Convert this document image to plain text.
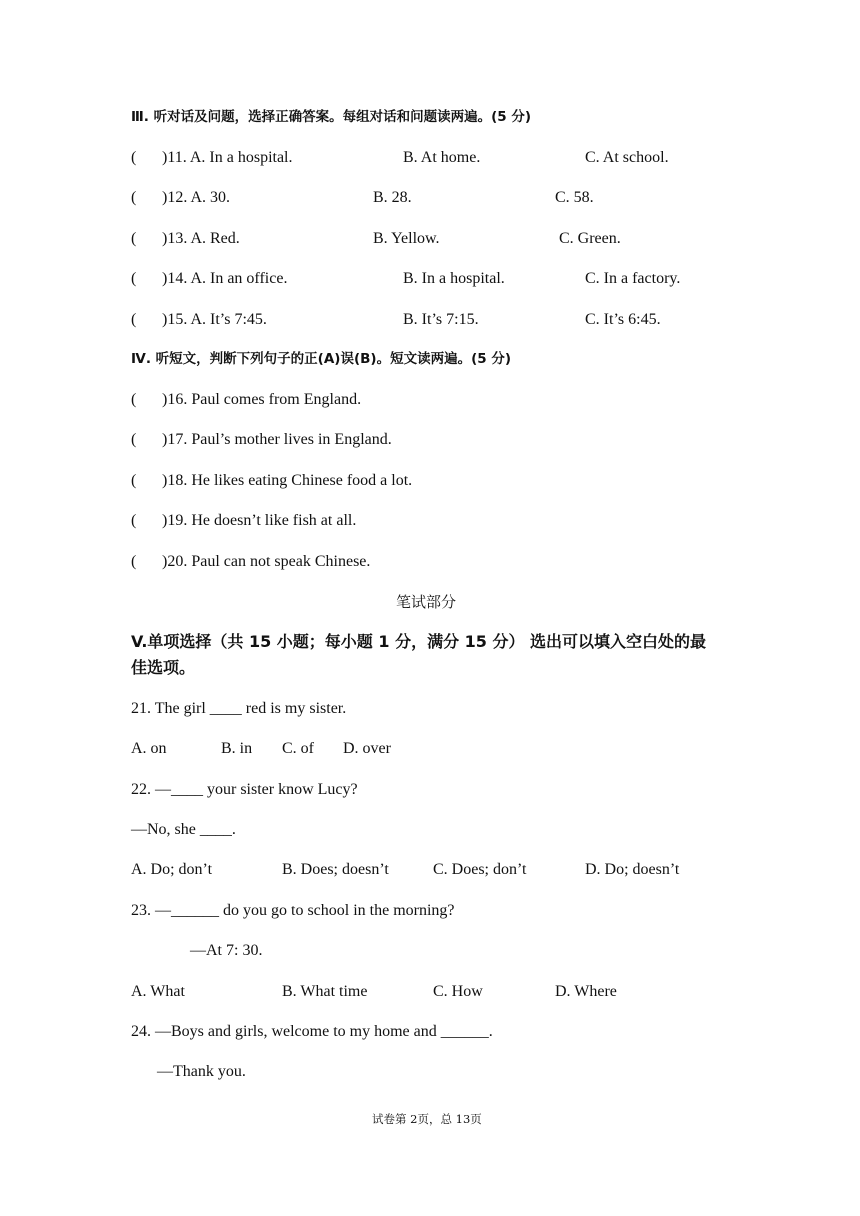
Ⅲ. 听对话及问题，选择正确答案。每组对话和问题读两遍。(5 分)
( )11. A. In a hospital.	B. At home.	C. At school.
( )12. A. 30.	B. 28.	C. 58.
( )13. A. Red.	B. Yellow.	C. Green.
( )14. A. In an office.	B. In a hospital.	C. In a factory.
( )15. A. It’s 7:45.	B. It’s 7:15.	C. It’s 6:45.
Ⅳ. 听短文，判断下列句子的正(A)误(B)。短文读两遍。(5 分)
( )16. Paul comes from England.
( )17. Paul’s mother lives in England.
( )18. He likes eating Chinese food a lot.
( )19. He doesn’t like fish at all.
( )20. Paul can not speak Chinese.
笔试部分
V.单项选择（共 15 小题；每小题 1 分，满分 15 分） 选出可以填入空白处的最
佳选项。
21. The girl ____ red is my sister.
A. on	B. in C. of D. over
22. —____ your sister know Lucy?
—No, she ____.
A. Do; don’t	B. Does; doesn’t	C. Does; don’t	D. Do; doesn’t
23. —______ do you go to school in the morning?
—At 7: 30.
A. What	B. What time	C. How	D. Where
24. —Boys and girls, welcome to my home and ______.
—Thank you.
试卷第 2页，总 13页
